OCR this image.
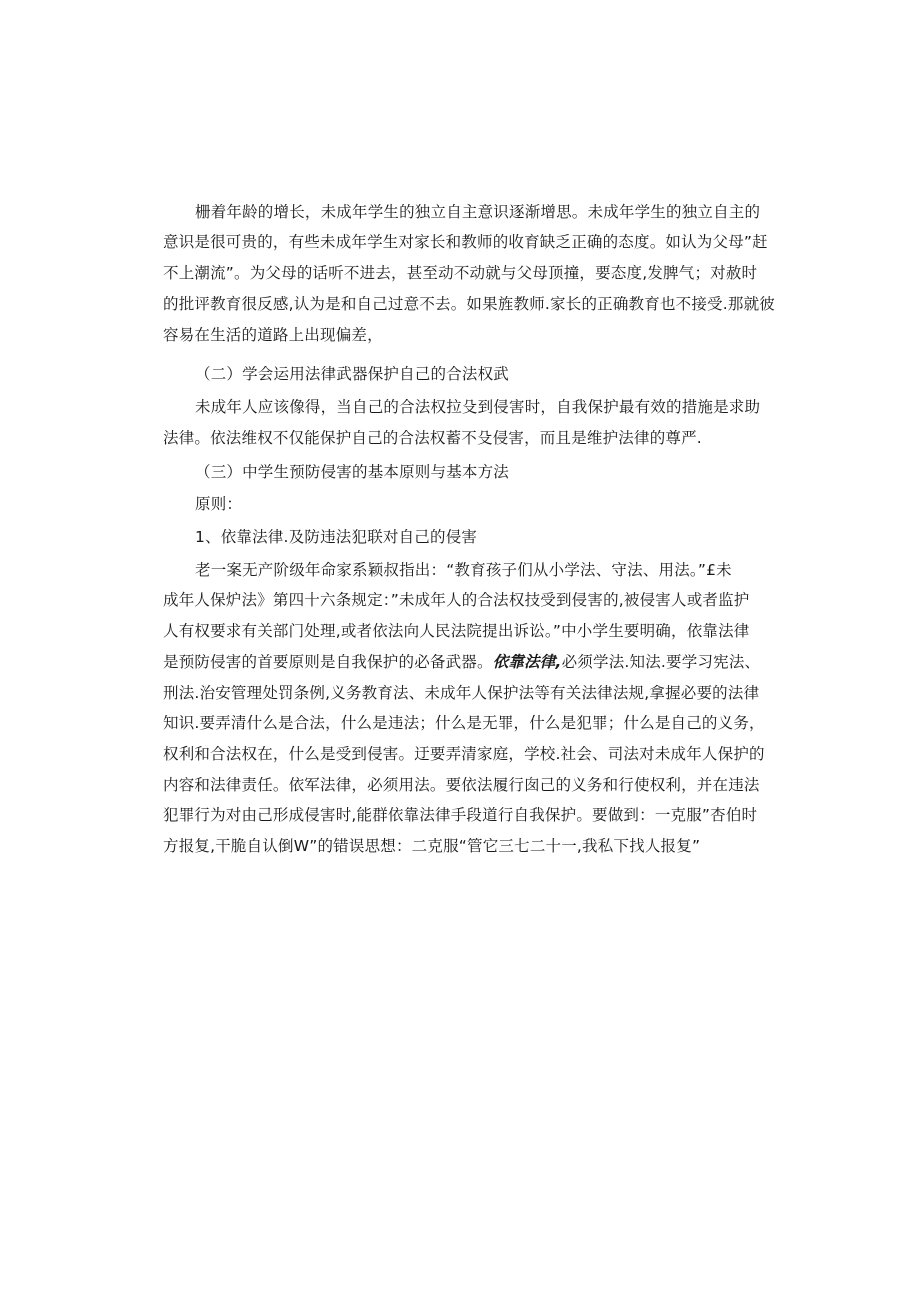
栅着年龄的增长，未成年学生的独立自主意识逐渐增思。未成年学生的独立自主的
意识是很可贵的，有些未成年学生对家长和教师的收育缺乏正确的态度。如认为父母”赶
不上潮流”。为父母的话听不进去，甚至动不动就与父母顶撞，要态度,发脾气；对赦时
的批评教育很反感,认为是和自己过意不去。如果旌教师.家长的正确教育也不接受.那就彼
容易在生活的道路上出现偏差，
（二）学会运用法律武器保护自己的合法权武
未成年人应该像得，当自己的合法权拉殳到侵害时，自我保护最有效的措施是求助
法律。依法维权不仅能保护自己的合法权蓄不殳侵害，而且是维护法律的尊严.
（三）中学生预防侵害的基本原则与基本方法
原则：
1、依靠法律.及防违法犯联对自己的侵害
老一案无产阶级年命家系颖叔指出：“教育孩子们从小学法、守法、用法。”£未
成年人保炉法》第四十六条规定：”未成年人的合法权技受到侵害的,被侵害人或者监护
人有权要求有关部门处理,或者依法向人民法院提出诉讼。”中小学生要明确，依靠法律
是预防侵害的首要原则是自我保护的必备武器。依靠法律,必须学法.知法.要学习宪法、
刑法.治安管理处罚条例,义务教育法、未成年人保护法等有关法律法规,拿握必要的法律
知识.要弄清什么是合法，什么是违法；什么是无罪，什么是犯罪；什么是自己的义务，
权利和合法权在，什么是受到侵害。迂要弄清家庭，学校.社会、司法对未成年人保护的
内容和法律责任。依军法律，必须用法。要依法履行囱己的义务和行使权利，并在违法
犯罪行为对由己形成侵害时,能群依靠法律手段道行自我保护。要做到：一克服”杏伯时
方报复,干脆自认倒W”的错误思想：二克服“管它三七二十一,我私下找人报复”
